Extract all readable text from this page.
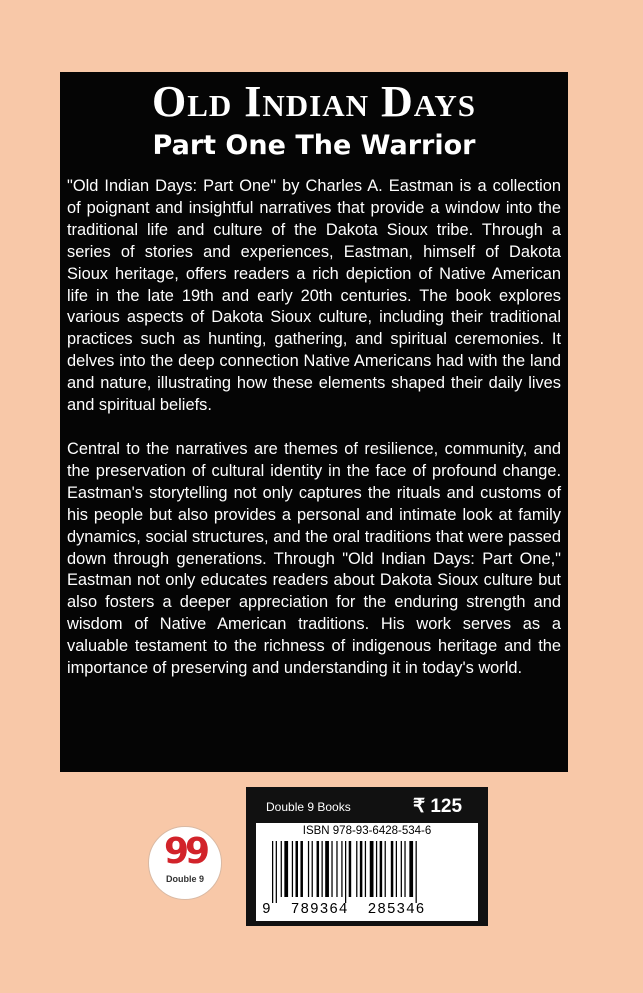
Old Indian Days
Part One The Warrior

"Old Indian Days: Part One" by Charles A. Eastman is a collection of poignant and insightful narratives that provide a window into the traditional life and culture of the Dakota Sioux tribe. Through a series of stories and experiences, Eastman, himself of Dakota Sioux heritage, offers readers a rich depiction of Native American life in the late 19th and early 20th centuries. The book explores various aspects of Dakota Sioux culture, including their traditional practices such as hunting, gathering, and spiritual ceremonies. It delves into the deep connection Native Americans had with the land and nature, illustrating how these elements shaped their daily lives and spiritual beliefs.

Central to the narratives are themes of resilience, community, and the preservation of cultural identity in the face of profound change. Eastman's storytelling not only captures the rituals and customs of his people but also provides a personal and intimate look at family dynamics, social structures, and the oral traditions that were passed down through generations. Through "Old Indian Days: Part One," Eastman not only educates readers about Dakota Sioux culture but also fosters a deeper appreciation for the enduring strength and wisdom of Native American traditions. His work serves as a valuable testament to the richness of indigenous heritage and the importance of preserving and understanding it in today's world.

99
Double 9
Double 9 Books	₹ 125
ISBN 978-93-6428-534-6
9  789364  285346
